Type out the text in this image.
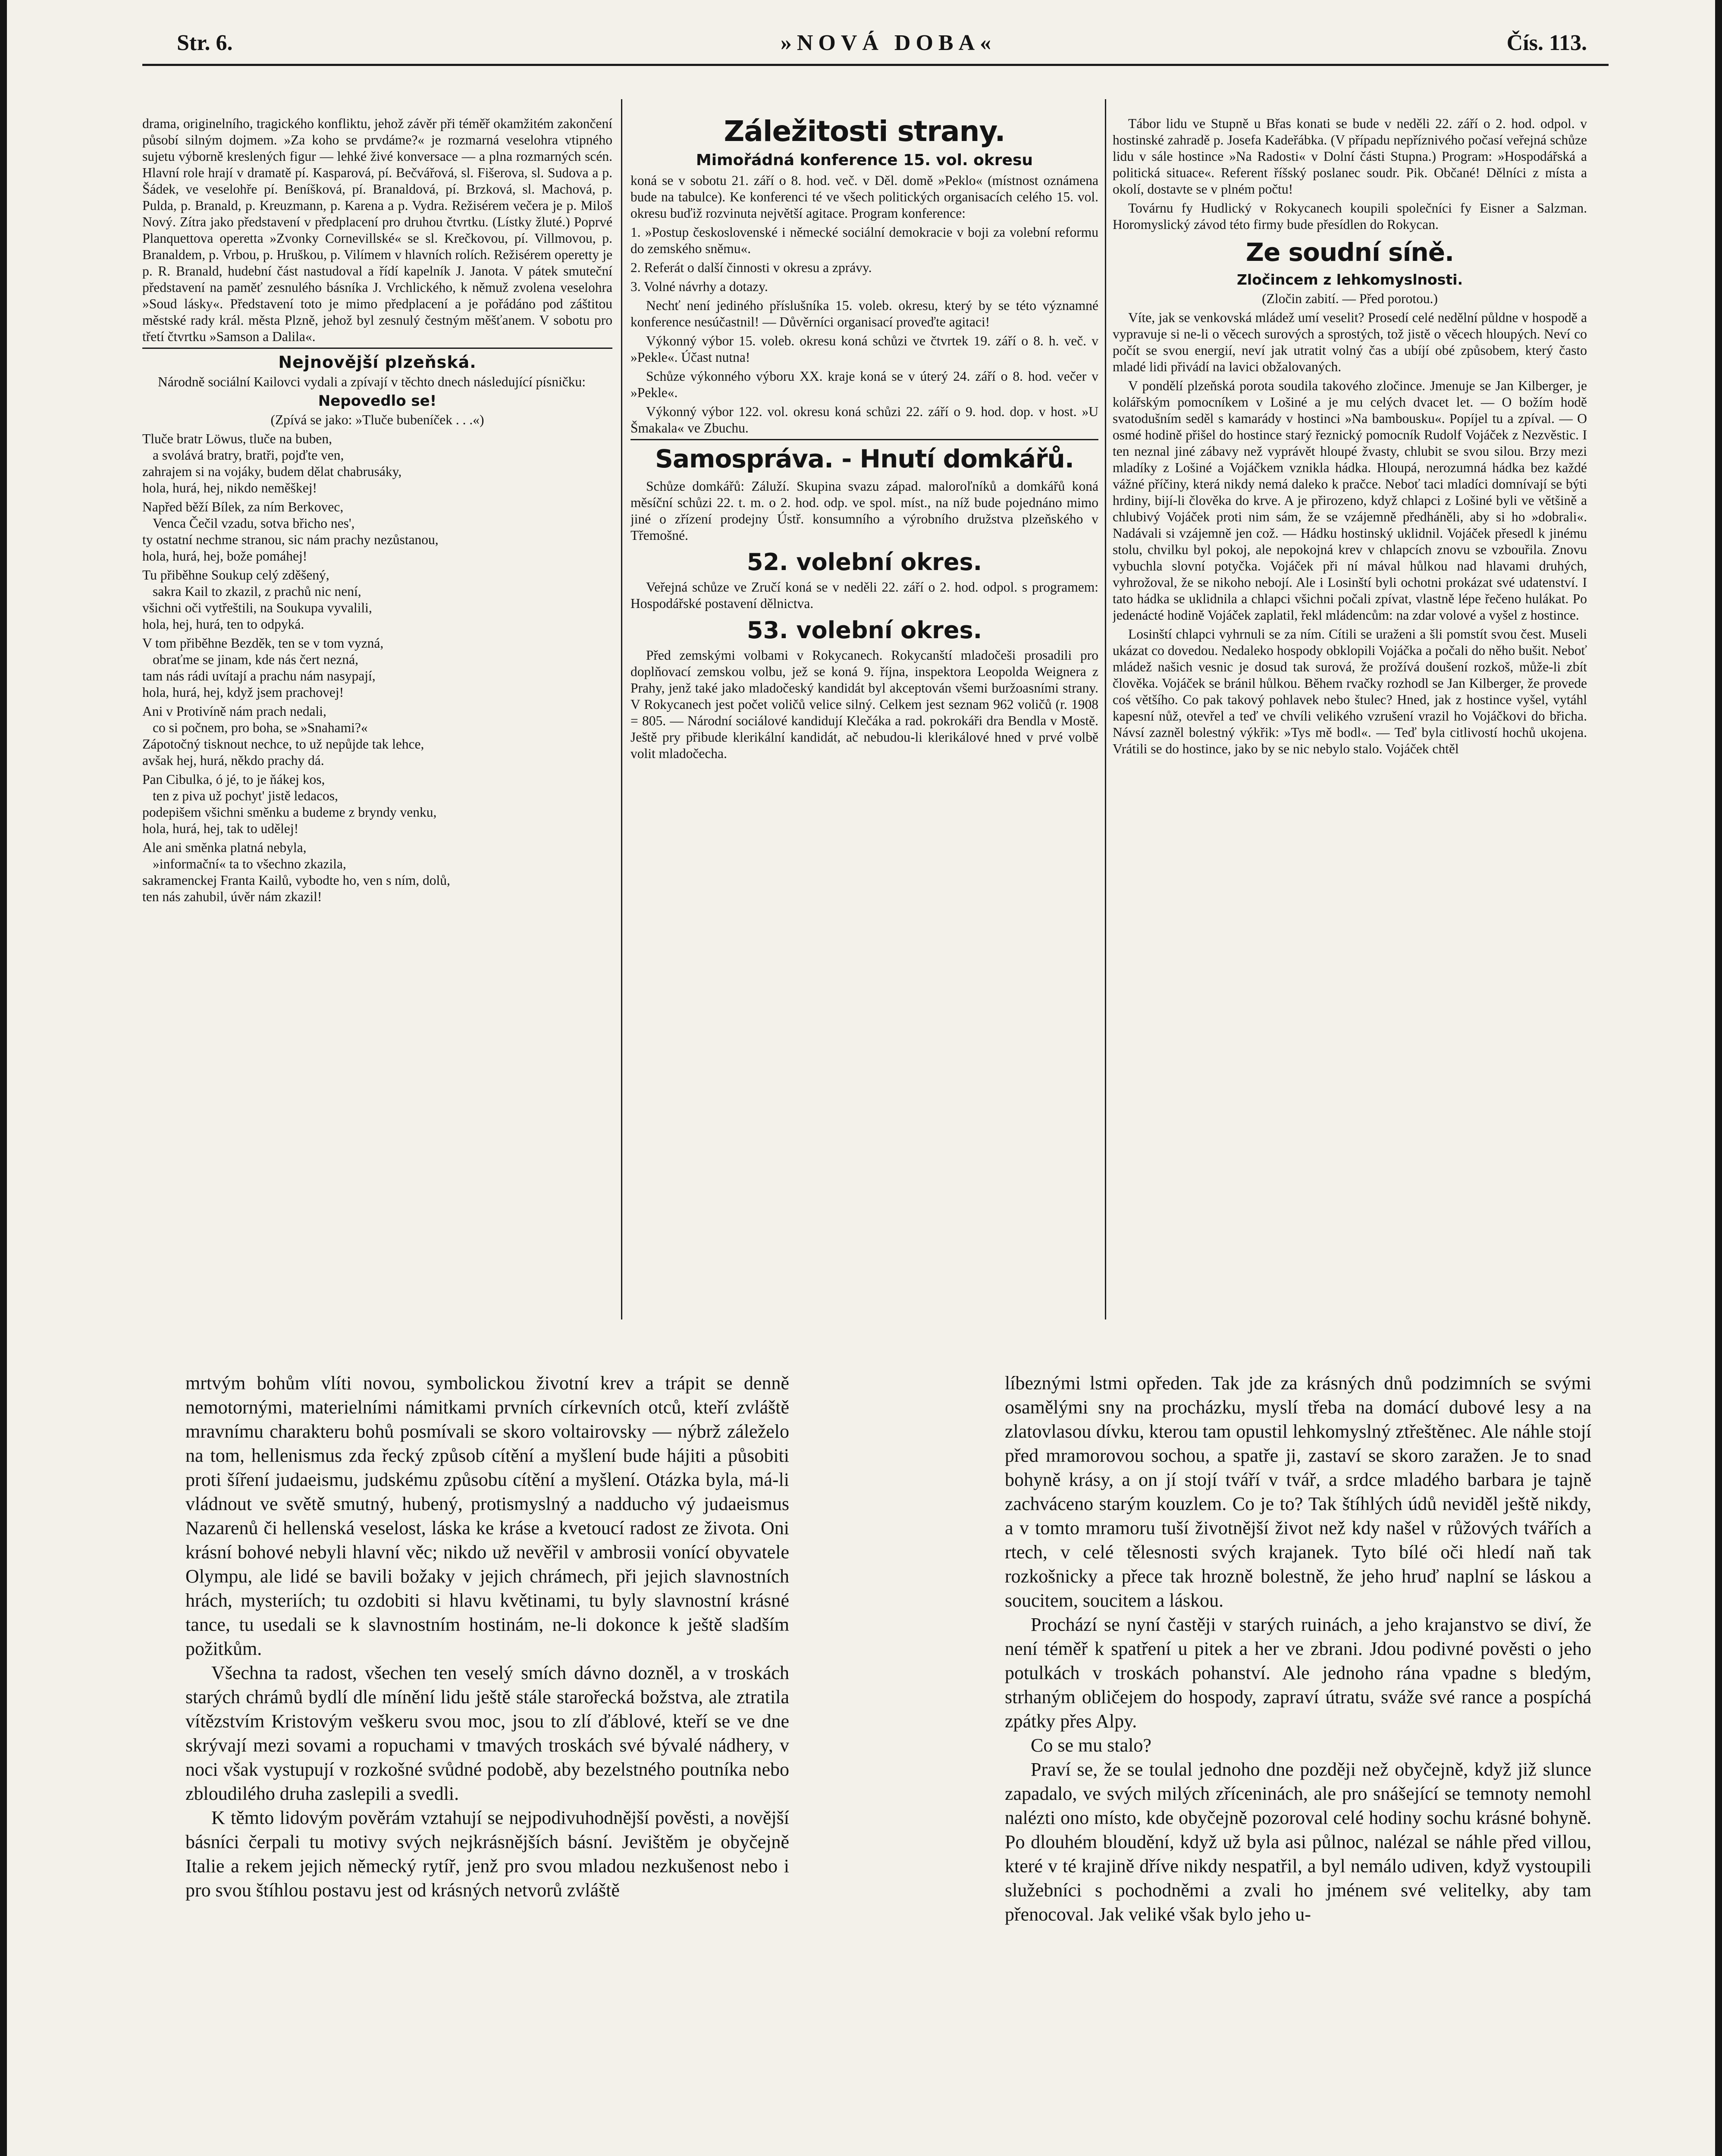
Str. 6.	»NOVÁ DOBA«	Čís. 113.

drama, originelního, tragického konfliktu, jehož závěr při téměř okamžitém zakončení působí silným dojmem. »Za koho se prvdáme?« je rozmarná veselohra vtipného sujetu výborně kreslených figur — lehké živé konversace — a plna rozmarných scén. Hlavní role hrají v dramatě pí. Kasparová, pí. Bečvářová, sl. Fišerova, sl. Sudova a p. Šádek, ve veselohře pí. Beníšková, pí. Branaldová, pí. Brzková, sl. Machová, p. Pulda, p. Branald, p. Kreuzmann, p. Karena a p. Vydra. Režisérem večera je p. Miloš Nový. Zítra jako představení v předplacení pro druhou čtvrtku. (Lístky žluté.) Poprvé Planquettova operetta »Zvonky Cornevillské« se sl. Krečkovou, pí. Villmovou, p. Branaldem, p. Vrbou, p. Hruškou, p. Vilímem v hlavních rolích. Režisérem operetty je p. R. Branald, hudební část nastudoval a řídí kapelník J. Janota. V pátek smuteční představení na paměť zesnulého básníka J. Vrchlického, k němuž zvolena veselohra »Soud lásky«. Představení toto je mimo předplacení a je pořádáno pod záštitou městské rady král. města Plzně, jehož byl zesnulý čestným měšťanem. V sobotu pro třetí čtvrtku »Samson a Dalila«.

Nejnovější plzeňská.

Národně sociální Kailovci vydali a zpívají v těchto dnech následující písničku:

Nepovedlo se!

(Zpívá se jako: »Tluče bubeníček . . .«)

Tluče bratr Löwus, tluče na buben,
a svolává bratry, bratři, pojďte ven,
zahrajem si na vojáky, budem dělat chabrusáky,
hola, hurá, hej, nikdo neměškej!

Napřed běží Bílek, za ním Berkovec,
Venca Čečil vzadu, sotva břicho nes',
ty ostatní nechme stranou, sic nám prachy nezůstanou,
hola, hurá, hej, bože pomáhej!

Tu přiběhne Soukup celý zděšený,
sakra Kail to zkazil, z prachů nic není,
všichni oči vytřeštili, na Soukupa vyvalili,
hola, hej, hurá, ten to odpyká.

V tom přiběhne Bezděk, ten se v tom vyzná,
obraťme se jinam, kde nás čert nezná,
tam nás rádi uvítají a prachu nám nasypají,
hola, hurá, hej, když jsem prachovej!

Ani v Protivíně nám prach nedali,
co si počnem, pro boha, se »Snahami?«
Zápotočný tisknout nechce, to už nepůjde tak lehce,
avšak hej, hurá, někdo prachy dá.

Pan Cibulka, ó jé, to je ňákej kos,
ten z piva už pochyt' jistě ledacos,
podepišem všichni směnku a budeme z bryndy venku,
hola, hurá, hej, tak to udělej!

Ale ani směnka platná nebyla,
»informační« ta to všechno zkazila,
sakramenckej Franta Kailů, vybodte ho, ven s ním, dolů,
ten nás zahubil, úvěr nám zkazil!

Záležitosti strany.

Mimořádná konference 15. vol. okresu

koná se v sobotu 21. září o 8. hod. več. v Děl. domě »Peklo« (místnost oznámena bude na tabulce). Ke konferenci té ve všech politických organisacích celého 15. vol. okresu buďiž rozvinuta největší agitace. Program konference:

1. »Postup československé i německé sociální demokracie v boji za volební reformu do zemského sněmu«.

2. Referát o další činnosti v okresu a zprávy.

3. Volné návrhy a dotazy.

Nechť není jediného příslušníka 15. voleb. okresu, který by se této významné konference nesúčastnil! — Důvěrníci organisací proveďte agitaci!

Výkonný výbor 15. voleb. okresu koná schůzi ve čtvrtek 19. září o 8. h. več. v »Pekle«. Účast nutna!

Schůze výkonného výboru XX. kraje koná se v úterý 24. září o 8. hod. večer v »Pekle«.

Výkonný výbor 122. vol. okresu koná schůzi 22. září o 9. hod. dop. v host. »U Šmakala« ve Zbuchu.

Samospráva. - Hnutí domkářů.

Schůze domkářů: Záluží. Skupina svazu západ. maloroľníků a domkářů koná měsíční schůzi 22. t. m. o 2. hod. odp. ve spol. míst., na níž bude pojednáno mimo jiné o zřízení prodejny Ústř. konsumního a výrobního družstva plzeňského v Třemošné.

52. volební okres.

Veřejná schůze ve Zručí koná se v neděli 22. září o 2. hod. odpol. s programem: Hospodářské postavení dělnictva.

53. volební okres.

Před zemskými volbami v Rokycanech. Rokycanští mladočeši prosadili pro doplňovací zemskou volbu, jež se koná 9. října, inspektora Leopolda Weignera z Prahy, jenž také jako mladočeský kandidát byl akceptován všemi buržoasními strany. V Rokycanech jest počet voličů velice silný. Celkem jest seznam 962 voličů (r. 1908 = 805. — Národní sociálové kandidují Klečáka a rad. pokrokáři dra Bendla v Mostě. Ještě pry přibude klerikální kandidát, ač nebudou-li klerikálové hned v prvé volbě volit mladočecha.

Tábor lidu ve Stupně u Břas konati se bude v neděli 22. září o 2. hod. odpol. v hostinské zahradě p. Josefa Kadeřábka. (V případu nepříznivého počasí veřejná schůze lidu v sále hostince »Na Radosti« v Dolní části Stupna.) Program: »Hospodářská a politická situace«. Referent říšský poslanec soudr. Pik. Občané! Dělníci z místa a okolí, dostavte se v plném počtu!

Továrnu fy Hudlický v Rokycanech koupili společníci fy Eisner a Salzman. Horomyslický závod této firmy bude přesídlen do Rokycan.

Ze soudní síně.

Zločincem z lehkomyslnosti.

(Zločin zabití. — Před porotou.)

Víte, jak se venkovská mládež umí veselit? Prosedí celé nedělní půldne v hospodě a vypravuje si ne-li o věcech surových a sprostých, tož jistě o věcech hloupých. Neví co počít se svou energií, neví jak utratit volný čas a ubíjí obé způsobem, který často mladé lidi přivádí na lavici obžalovaných.

V pondělí plzeňská porota soudila takového zločince. Jmenuje se Jan Kilberger, je kolářským pomocníkem v Lošiné a je mu celých dvacet let. — O božím hodě svatodušním seděl s kamarády v hostinci »Na bambousku«. Popíjel tu a zpíval. — O osmé hodině přišel do hostince starý řeznický pomocník Rudolf Vojáček z Nezvěstic. I ten neznal jiné zábavy než vyprávět hloupé žvasty, chlubit se svou silou. Brzy mezi mladíky z Lošiné a Vojáčkem vznikla hádka. Hloupá, nerozumná hádka bez každé vážné příčiny, která nikdy nemá daleko k pračce. Neboť taci mladíci domnívají se býti hrdiny, bijí-li člověka do krve. A je přirozeno, když chlapci z Lošiné byli ve většině a chlubivý Vojáček proti nim sám, že se vzájemně předháněli, aby si ho »dobrali«. Nadávali si vzájemně jen což. — Hádku hostinský uklidnil. Vojáček přesedl k jinému stolu, chvilku byl pokoj, ale nepokojná krev v chlapcích znovu se vzbouřila. Znovu vybuchla slovní potyčka. Vojáček při ní mával hůlkou nad hlavami druhých, vyhrožoval, že se nikoho nebojí. Ale i Losinští byli ochotni prokázat své udatenství. I tato hádka se uklidnila a chlapci všichni počali zpívat, vlastně lépe řečeno hulákat. Po jedenácté hodině Vojáček zaplatil, řekl mládencům: na zdar volové a vyšel z hostince.

Losinští chlapci vyhrnuli se za ním. Cítili se uraženi a šli pomstít svou čest. Museli ukázat co dovedou. Nedaleko hospody obklopili Vojáčka a počali do něho bušit. Neboť mládež našich vesnic je dosud tak surová, že prožívá doušení rozkoš, může-li zbít člověka. Vojáček se bránil hůlkou. Během rvačky rozhodl se Jan Kilberger, že provede coś většího. Co pak takový pohlavek nebo štulec? Hned, jak z hostince vyšel, vytáhl kapesní nůž, otevřel a teď ve chvíli velikého vzrušení vrazil ho Vojáčkovi do břicha. Návsí zazněl bolestný výkřik: »Tys mě bodl«. — Teď byla citlivostí hochů ukojena. Vrátili se do hostince, jako by se nic nebylo stalo. Vojáček chtěl

mrtvým bohům vlíti novou, symbolickou životní krev a trápit se denně nemotornými, materielními námitkami prvních církevních otců, kteří zvláště mravnímu charakteru bohů posmívali se skoro voltairovsky — nýbrž záleželo na tom, hellenismus zda řecký způsob cítění a myšlení bude hájiti a působiti proti šíření judaeismu, judskému způsobu cítění a myšlení. Otázka byla, má-li vládnout ve světě smutný, hubený, protismyslný a nadducho vý judaeismus Nazarenů či hellenská veselost, láska ke kráse a kvetoucí radost ze života. Oni krásní bohové nebyli hlavní věc; nikdo už nevěřil v ambrosii vonící obyvatele Olympu, ale lidé se bavili božaky v jejich chrámech, při jejich slavnostních hrách, mysteriích; tu ozdobiti si hlavu květinami, tu byly slavnostní krásné tance, tu usedali se k slavnostním hostinám, ne-li dokonce k ještě sladším požitkům.

Všechna ta radost, všechen ten veselý smích dávno dozněl, a v troskách starých chrámů bydlí dle mínění lidu ještě stále starořecká božstva, ale ztratila vítězstvím Kristovým veškeru svou moc, jsou to zlí ďáblové, kteří se ve dne skrývají mezi sovami a ropuchami v tmavých troskách své bývalé nádhery, v noci však vystupují v rozkošné svůdné podobě, aby bezelstného poutníka nebo zbloudilého druha zaslepili a svedli.

K těmto lidovým pověrám vztahují se nejpodivuhodnější pověsti, a novější básníci čerpali tu motivy svých nejkrásnějších básní. Jevištěm je obyčejně Italie a rekem jejich německý rytíř, jenž pro svou mladou nezkušenost nebo i pro svou štíhlou postavu jest od krásných netvorů zvláště

líbeznými lstmi opředen. Tak jde za krásných dnů podzimních se svými osamělými sny na procházku, myslí třeba na domácí dubové lesy a na zlatovlasou dívku, kterou tam opustil lehkomyslný ztřeštěnec. Ale náhle stojí před mramorovou sochou, a spatře ji, zastaví se skoro zaražen. Je to snad bohyně krásy, a on jí stojí tváří v tvář, a srdce mladého barbara je tajně zachváceno starým kouzlem. Co je to? Tak štíhlých údů neviděl ještě nikdy, a v tomto mramoru tuší životnější život než kdy našel v růžových tvářích a rtech, v celé tělesnosti svých krajanek. Tyto bílé oči hledí naň tak rozkošnicky a přece tak hrozně bolestně, že jeho hruď naplní se láskou a soucitem, soucitem a láskou.

Prochází se nyní častěji v starých ruinách, a jeho krajanstvo se diví, že není téměř k spatření u pitek a her ve zbrani. Jdou podivné pověsti o jeho potulkách v troskách pohanství. Ale jednoho rána vpadne s bledým, strhaným obličejem do hospody, zapraví útratu, sváže své rance a pospíchá zpátky přes Alpy.

Co se mu stalo?

Praví se, že se toulal jednoho dne později než obyčejně, když již slunce zapadalo, ve svých milých zříceninách, ale pro snášející se temnoty nemohl nalézti ono místo, kde obyčejně pozoroval celé hodiny sochu krásné bohyně. Po dlouhém bloudění, když už byla asi půlnoc, nalézal se náhle před villou, které v té krajině dříve nikdy nespatřil, a byl nemálo udiven, když vystoupili služebníci s pochodněmi a zvali ho jménem své velitelky, aby tam přenocoval. Jak veliké však bylo jeho u-
